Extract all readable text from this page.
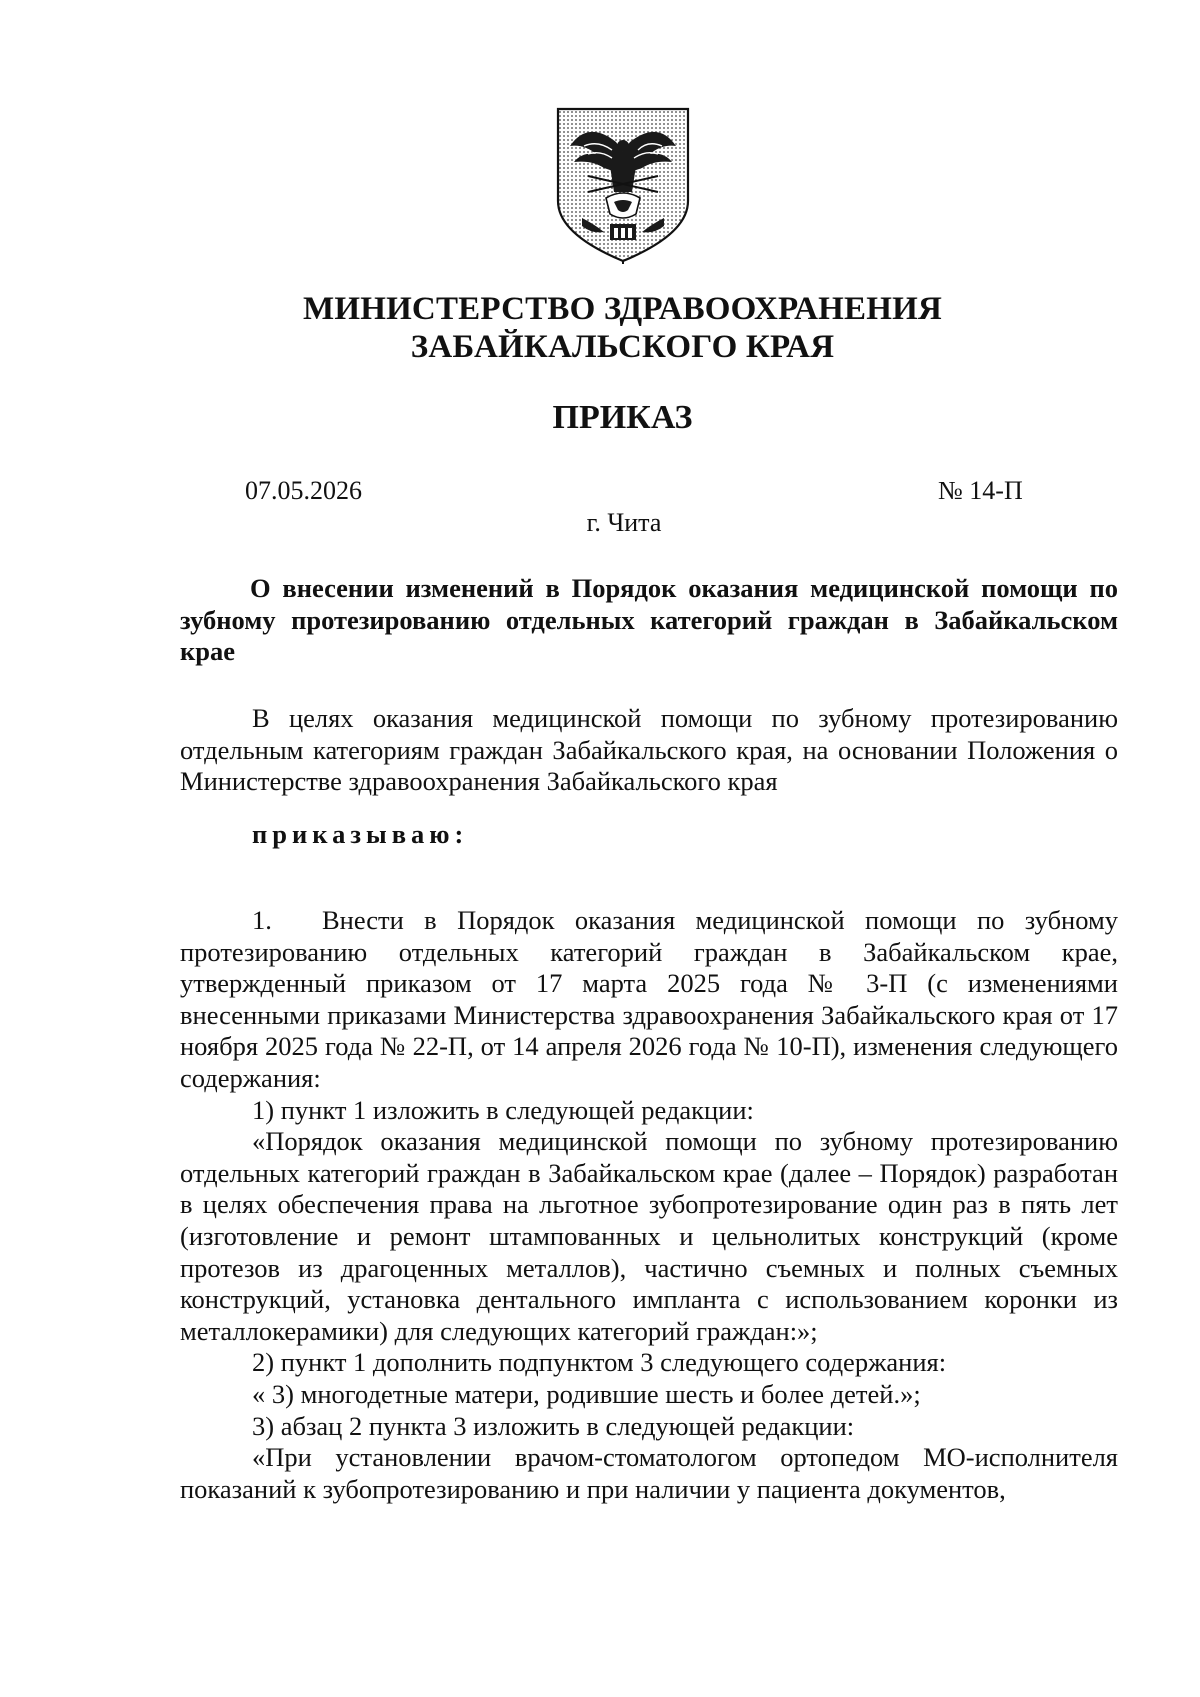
МИНИСТЕРСТВО ЗДРАВООХРАНЕНИЯ
ЗАБАЙКАЛЬСКОГО КРАЯ
ПРИКАЗ
07.05.2026	№ 14-П
г. Чита
О внесении изменений в Порядок оказания медицинской помощи по зубному протезированию отдельных категорий граждан в Забайкальском крае
В целях оказания медицинской помощи по зубному протезированию отдельным категориям граждан Забайкальского края, на основании Положения о Министерстве здравоохранения Забайкальского края
приказываю:

1. Внести в Порядок оказания медицинской помощи по зубному протезированию отдельных категорий граждан в Забайкальском крае, утвержденный приказом от 17 марта 2025 года № 3-П (с изменениями внесенными приказами Министерства здравоохранения Забайкальского края от 17 ноября 2025 года № 22-П, от 14 апреля 2026 года № 10-П), изменения следующего содержания:

1) пункт 1 изложить в следующей редакции:

«Порядок оказания медицинской помощи по зубному протезированию отдельных категорий граждан в Забайкальском крае (далее – Порядок) разработан в целях обеспечения права на льготное зубопротезирование один раз в пять лет (изготовление и ремонт штампованных и цельнолитых конструкций (кроме протезов из драгоценных металлов), частично съемных и полных съемных конструкций, установка дентального импланта с использованием коронки из металлокерамики) для следующих категорий граждан:»;

2) пункт 1 дополнить подпунктом 3 следующего содержания:

« 3) многодетные матери, родившие шесть и более детей.»;

3) абзац 2 пункта 3 изложить в следующей редакции:

«При установлении врачом-стоматологом ортопедом МО-исполнителя показаний к зубопротезированию и при наличии у пациента документов,
